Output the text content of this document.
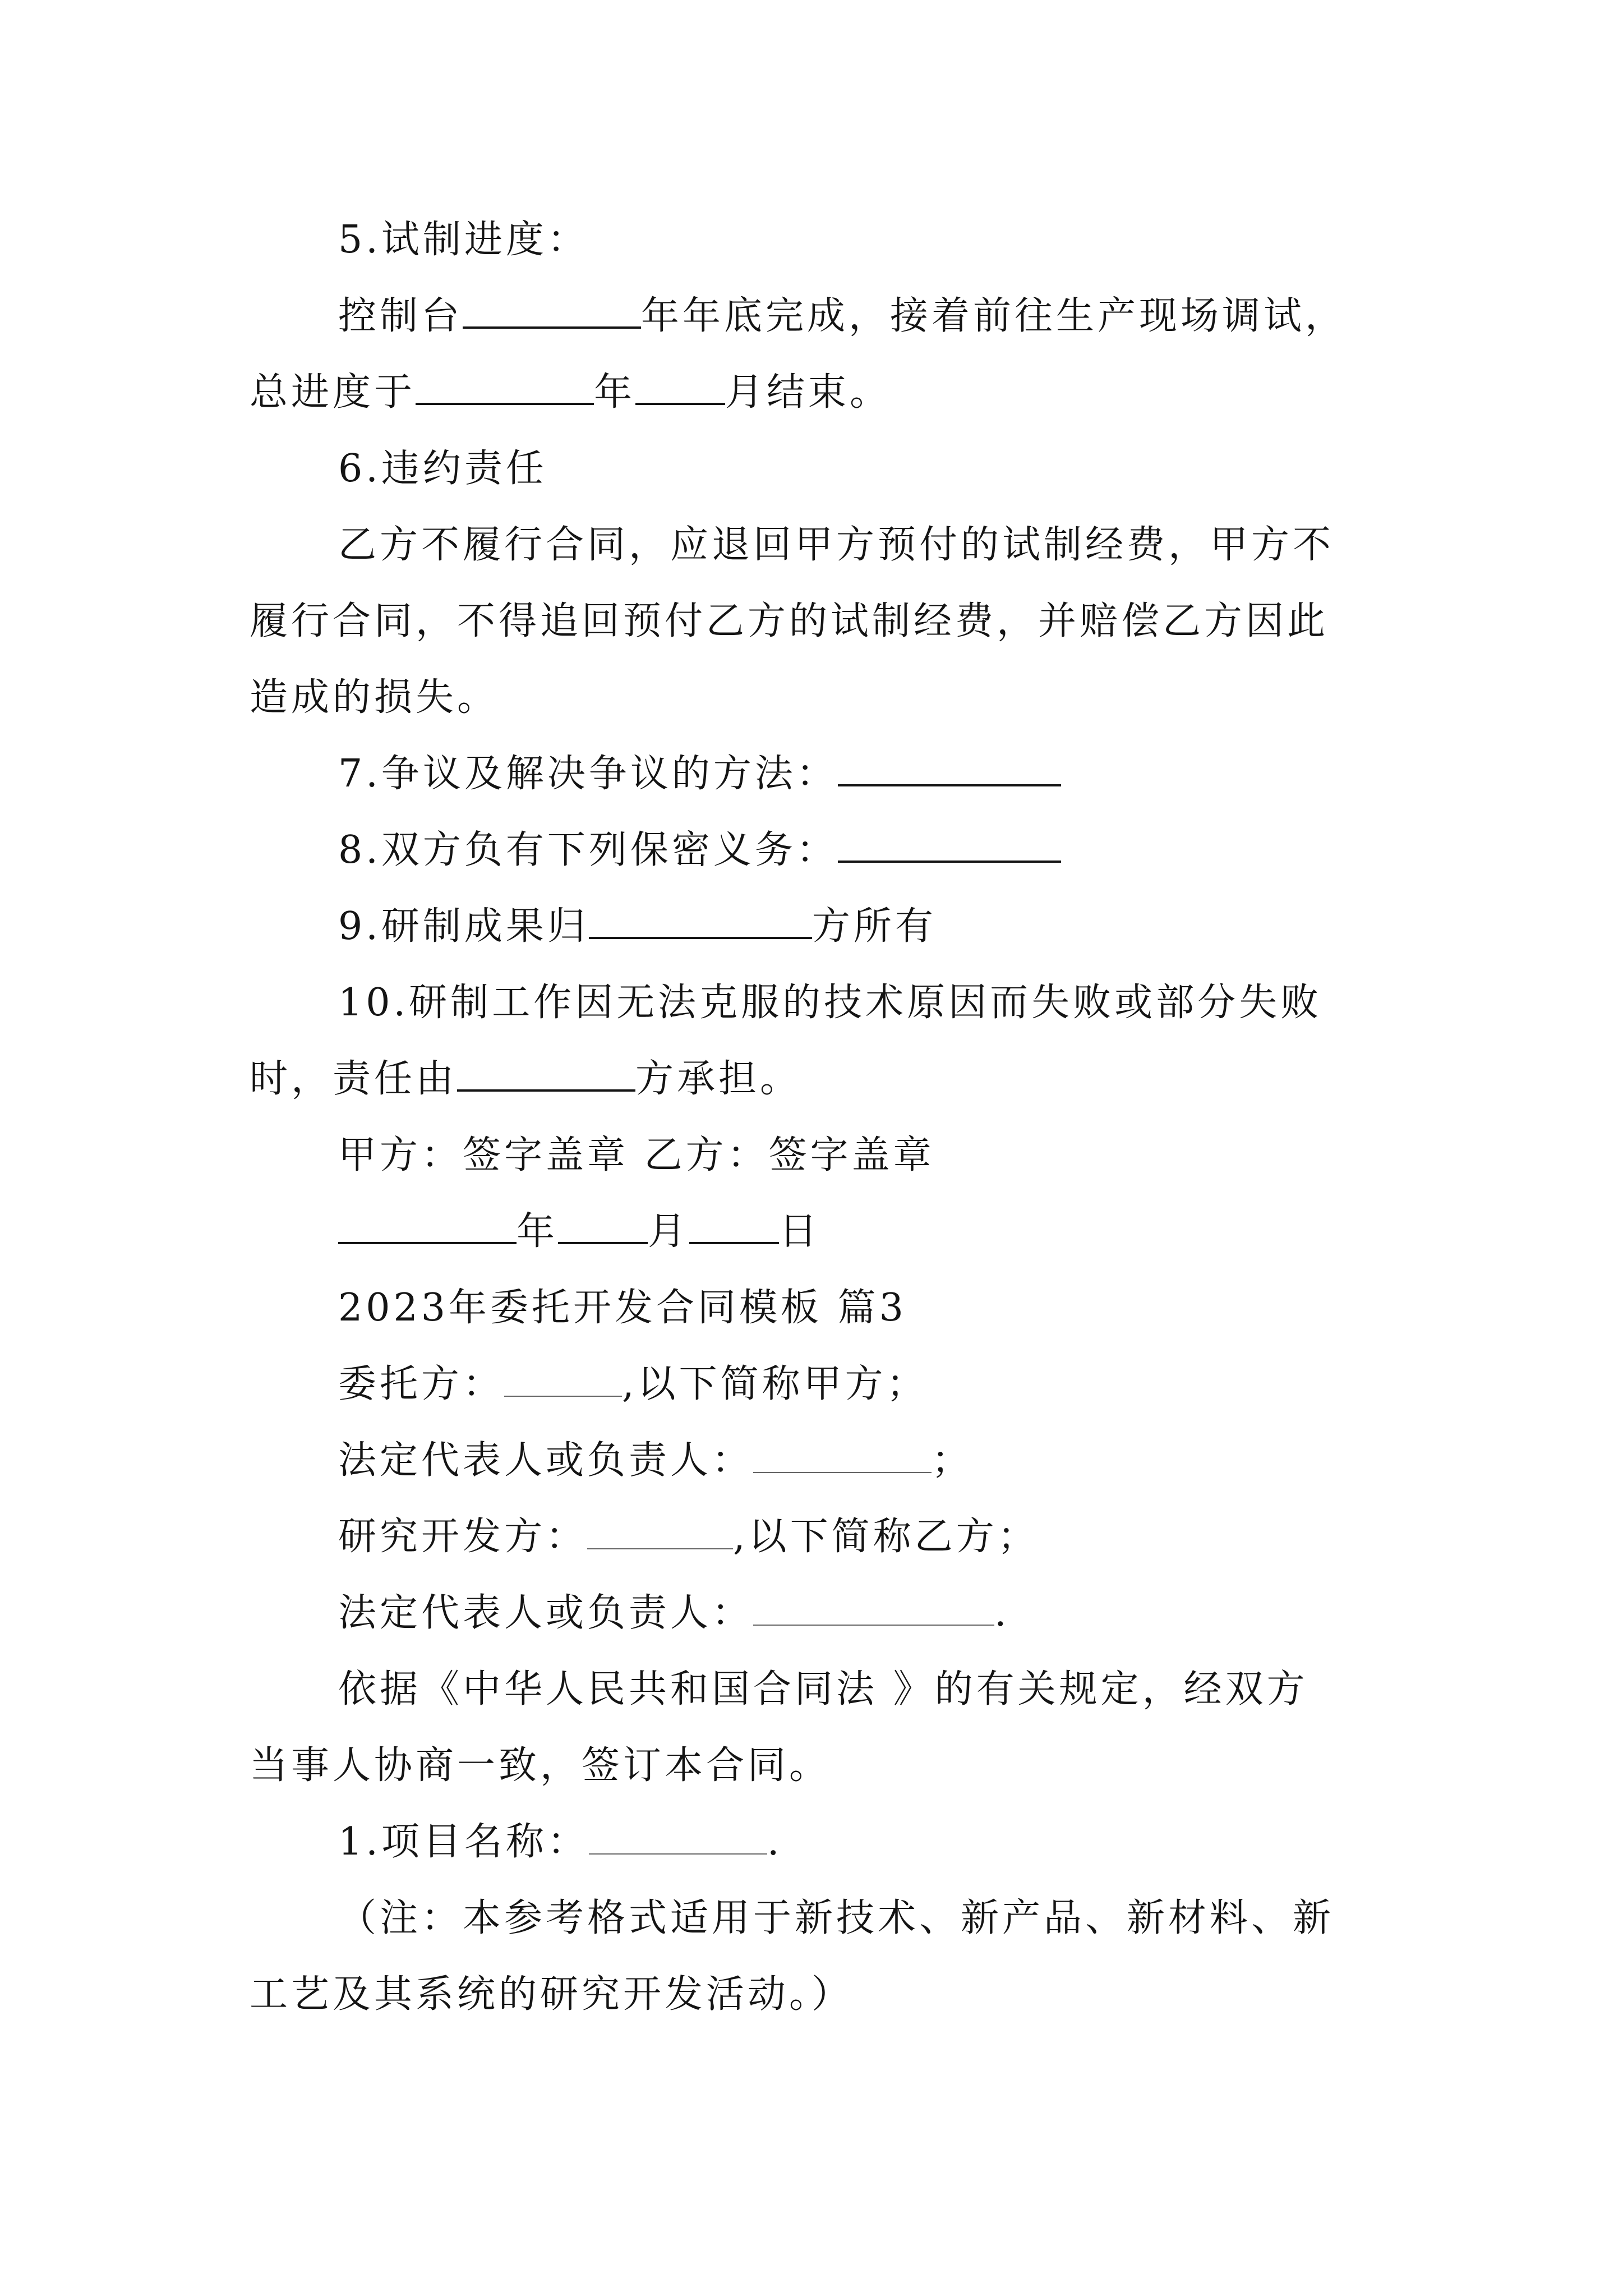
5.试制进度：
控制台	年年底完成，接着前往生产现场调试，
总进度于	年 月结束。
6.违约责任
乙方不履行合同，应退回甲方预付的试制经费，甲方不
履行合同，不得追回预付乙方的试制经费，并赔偿乙方因此
造成的损失。
7.争议及解决争议的方法：
8.双方负有下列保密义务：
9.研制成果归	方所有
10.研制工作因无法克服的技术原因而失败或部分失败
时，责任由	方承担。
甲方：签字盖章 乙方：签字盖章
年 月 日
2023年委托开发合同模板 篇3
委托方：	,以下简称甲方；
法定代表人或负责人：	；
研究开发方：	,以下简称乙方；
法定代表人或负责人：	.
依据《中华人民共和国合同法 》的有关规定，经双方
当事人协商一致，签订本合同。
1.项目名称：	.
（注：本参考格式适用于新技术、新产品、新材料、新
工艺及其系统的研究开发活动。）
